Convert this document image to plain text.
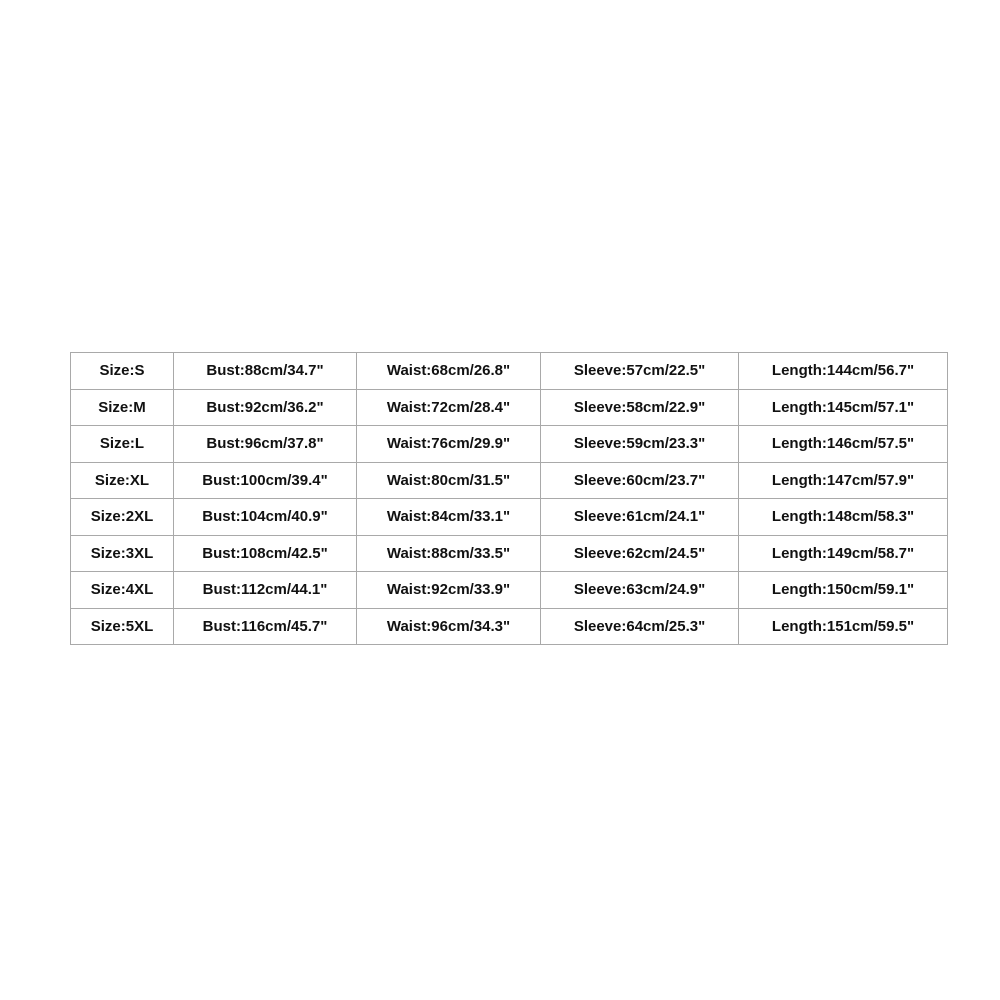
Size:S	Bust:88cm/34.7"	Waist:68cm/26.8"	Sleeve:57cm/22.5"	Length:144cm/56.7"
Size:M	Bust:92cm/36.2"	Waist:72cm/28.4"	Sleeve:58cm/22.9"	Length:145cm/57.1"
Size:L	Bust:96cm/37.8"	Waist:76cm/29.9"	Sleeve:59cm/23.3"	Length:146cm/57.5"
Size:XL	Bust:100cm/39.4"	Waist:80cm/31.5"	Sleeve:60cm/23.7"	Length:147cm/57.9"
Size:2XL	Bust:104cm/40.9"	Waist:84cm/33.1"	Sleeve:61cm/24.1"	Length:148cm/58.3"
Size:3XL	Bust:108cm/42.5"	Waist:88cm/33.5"	Sleeve:62cm/24.5"	Length:149cm/58.7"
Size:4XL	Bust:112cm/44.1"	Waist:92cm/33.9"	Sleeve:63cm/24.9"	Length:150cm/59.1"
Size:5XL	Bust:116cm/45.7"	Waist:96cm/34.3"	Sleeve:64cm/25.3"	Length:151cm/59.5"
